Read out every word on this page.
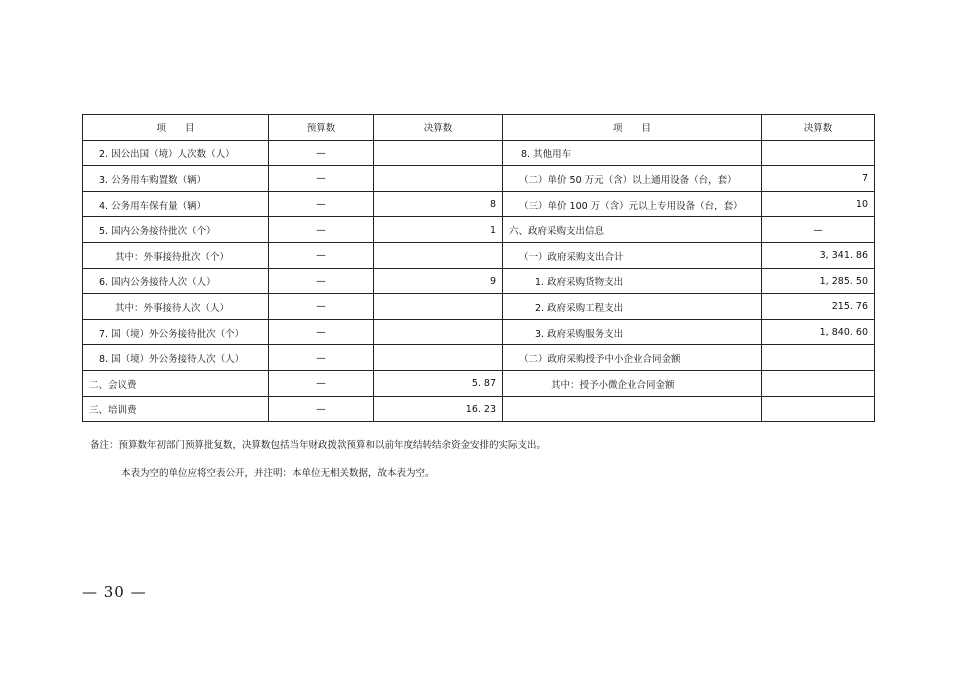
项　　目	预算数	决算数	项　　目	决算数
2. 因公出国（境）人次数（人）	—		8. 其他用车	
3. 公务用车购置数（辆）	—		（二）单价 50 万元（含）以上通用设备（台，套）	7
4. 公务用车保有量（辆）	—	8	（三）单价 100 万（含）元以上专用设备（台，套）	10
5. 国内公务接待批次（个）	—	1	六、政府采购支出信息	—
其中：外事接待批次（个）	—		（一）政府采购支出合计	3, 341. 86
6. 国内公务接待人次（人）	—	9	1. 政府采购货物支出	1, 285. 50
其中：外事接待人次（人）	—		2. 政府采购工程支出	215. 76
7. 国（境）外公务接待批次（个）	—		3. 政府采购服务支出	1, 840. 60
8. 国（境）外公务接待人次（人）	—		（二）政府采购授予中小企业合同金额	
二、会议费	—	5. 87	其中：授予小微企业合同金额	
三、培训费	—	16. 23		
备注：预算数年初部门预算批复数，决算数包括当年财政拨款预算和以前年度结转结余资金安排的实际支出。
本表为空的单位应将空表公开，并注明：本单位无相关数据，故本表为空。
— 30 —
